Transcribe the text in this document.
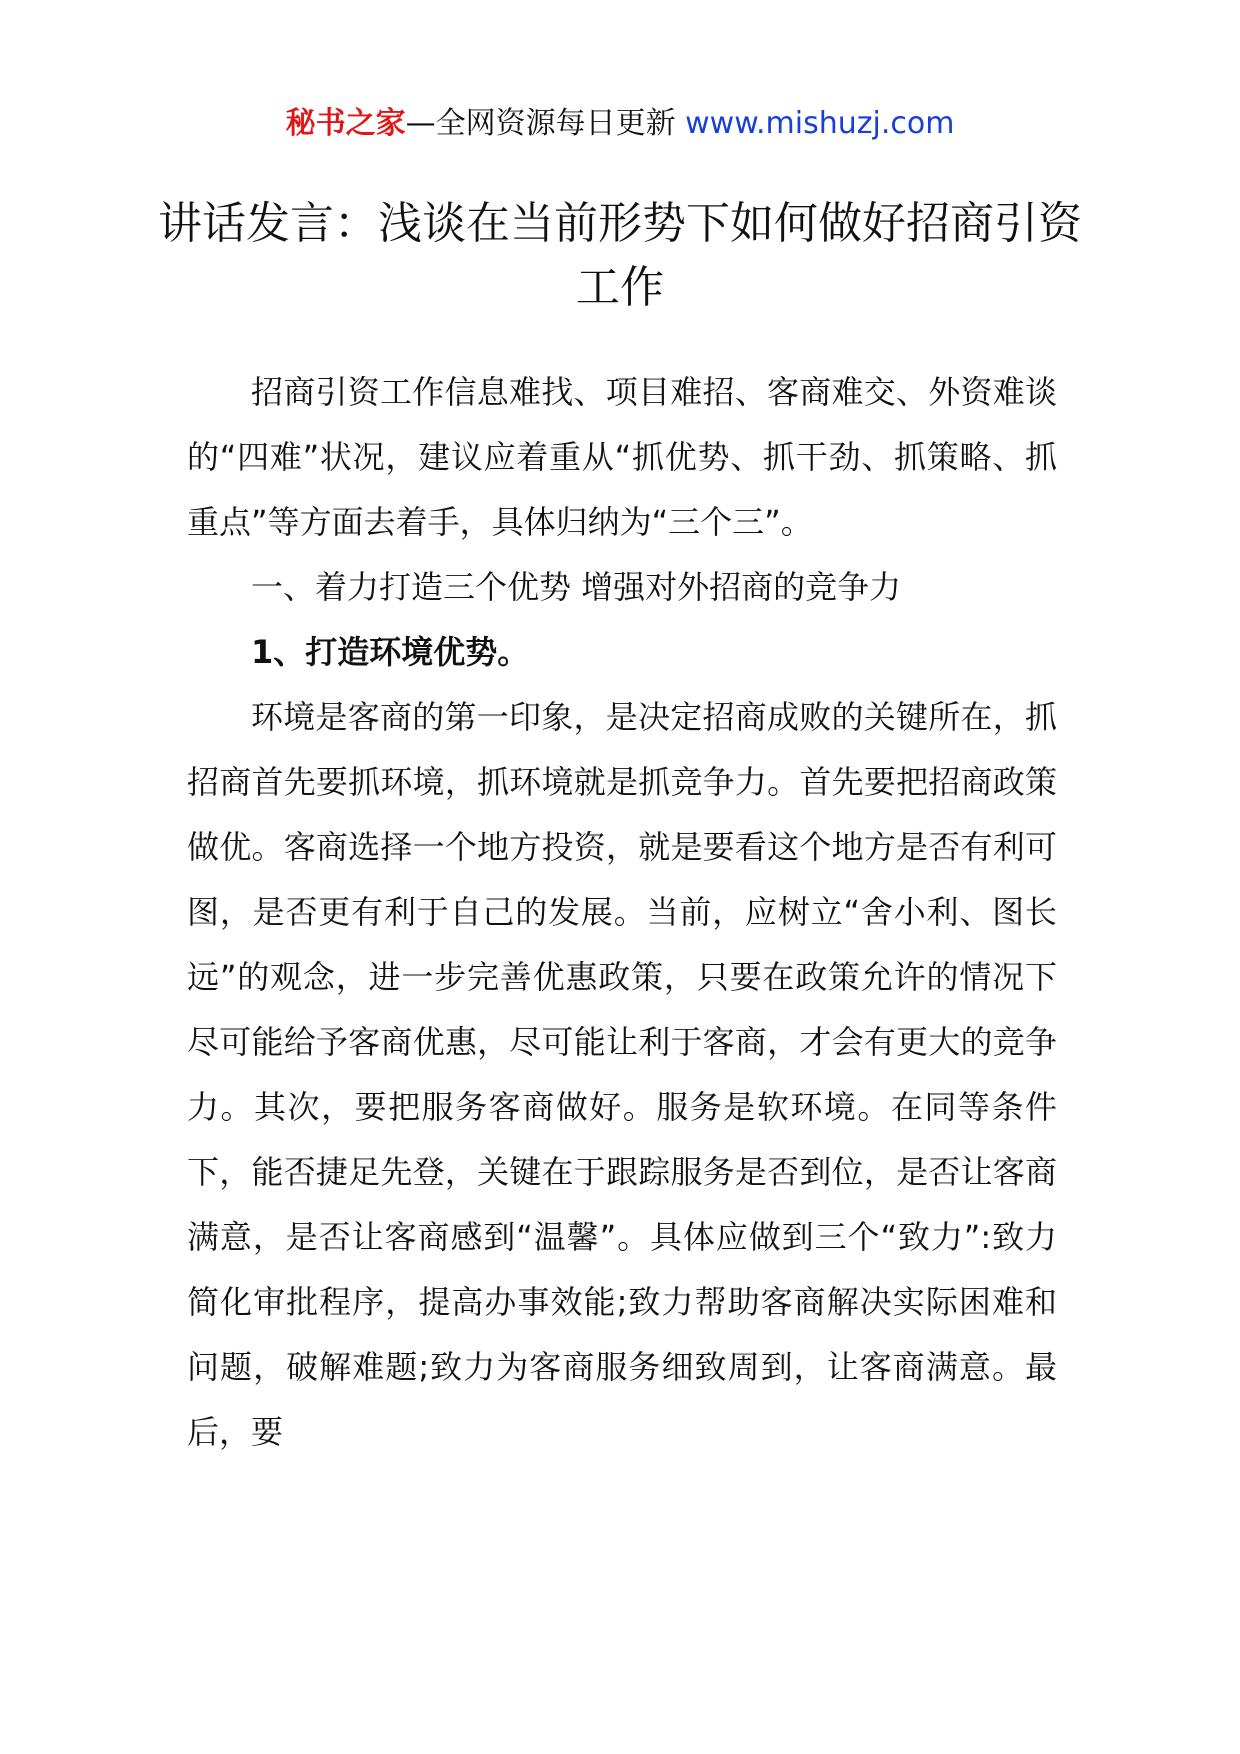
秘书之家—全网资源每日更新 www.mishuzj.com
讲话发言：浅谈在当前形势下如何做好招商引资工作

招商引资工作信息难找、项目难招、客商难交、外资难谈的“四难”状况，建议应着重从“抓优势、抓干劲、抓策略、抓重点”等方面去着手，具体归纳为“三个三”。

一、着力打造三个优势 增强对外招商的竞争力

1、打造环境优势。

环境是客商的第一印象，是决定招商成败的关键所在，抓招商首先要抓环境，抓环境就是抓竞争力。首先要把招商政策做优。客商选择一个地方投资，就是要看这个地方是否有利可图，是否更有利于自己的发展。当前，应树立“舍小利、图长远”的观念，进一步完善优惠政策，只要在政策允许的情况下尽可能给予客商优惠，尽可能让利于客商，才会有更大的竞争力。其次，要把服务客商做好。服务是软环境。在同等条件下，能否捷足先登，关键在于跟踪服务是否到位，是否让客商满意，是否让客商感到“温馨”。具体应做到三个“致力”:致力简化审批程序，提高办事效能;致力帮助客商解决实际困难和问题，破解难题;致力为客商服务细致周到，让客商满意。最后，要
